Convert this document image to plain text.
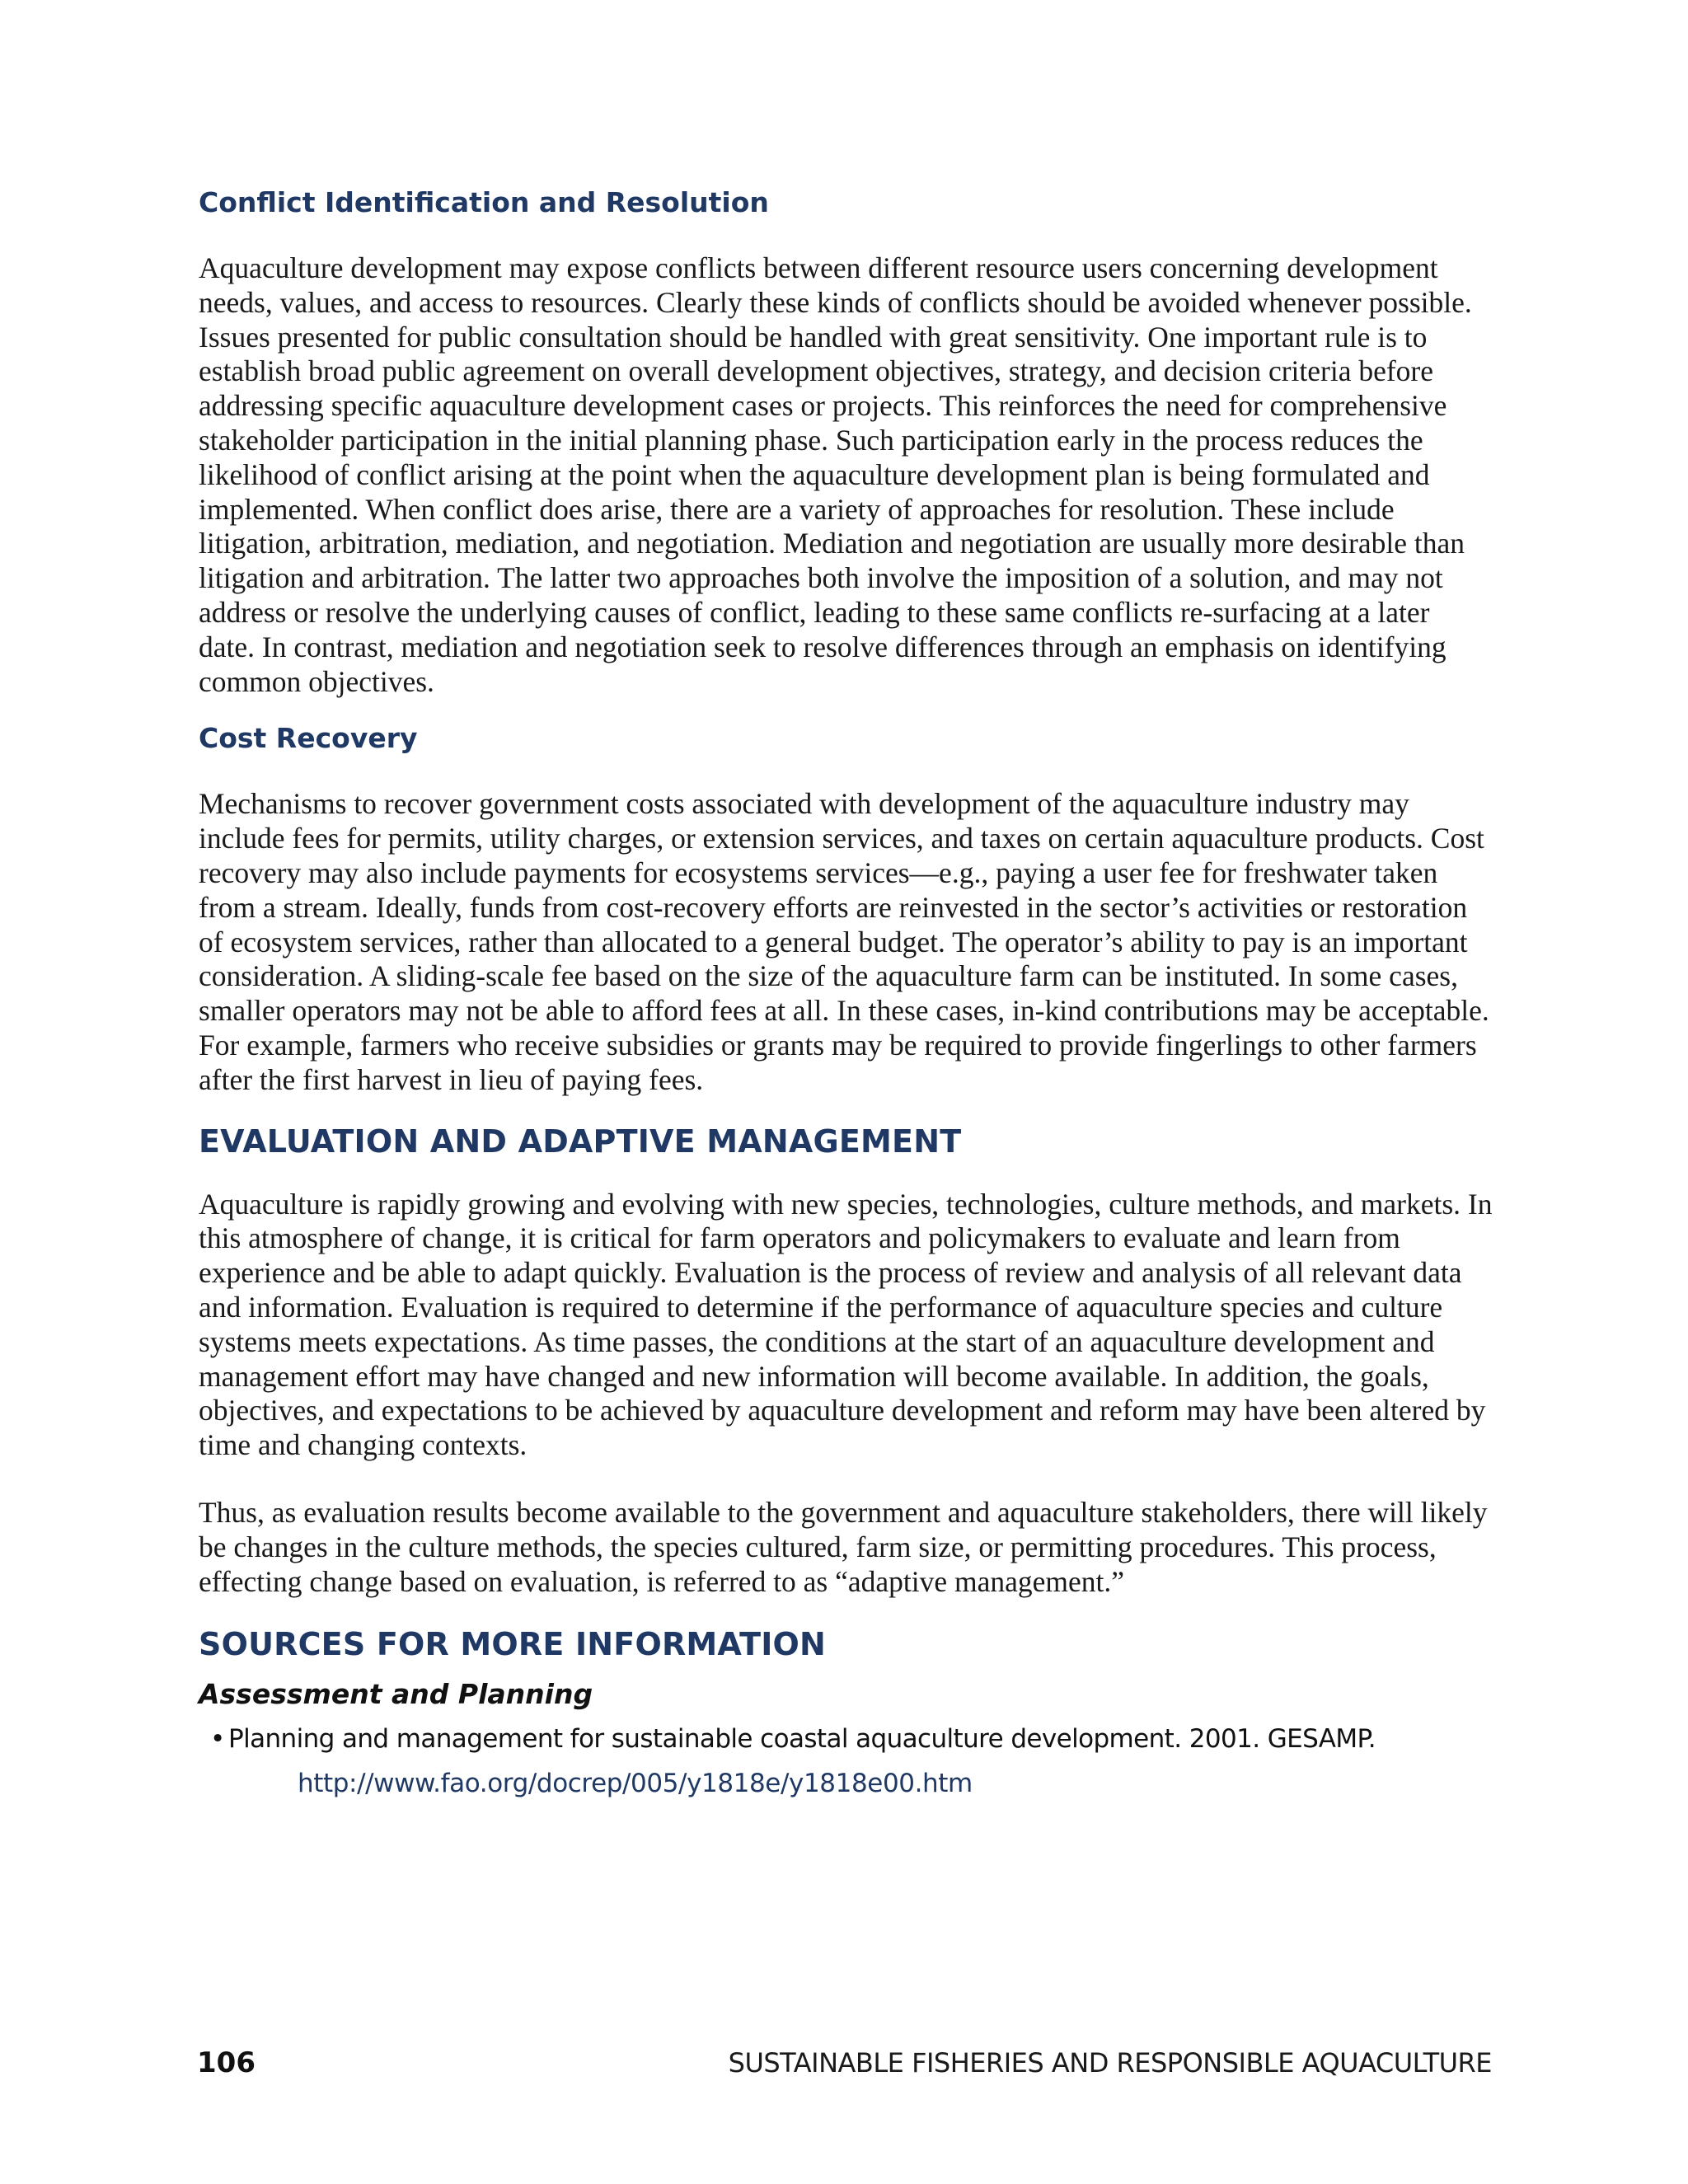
Conflict Identification and Resolution

Aquaculture development may expose conflicts between different resource users concerning development needs, values, and access to resources. Clearly these kinds of conflicts should be avoided whenever possible. Issues presented for public consultation should be handled with great sensitivity. One important rule is to establish broad public agreement on overall development objectives, strategy, and decision criteria before addressing specific aquaculture development cases or projects. This reinforces the need for comprehensive stakeholder participation in the initial planning phase. Such participation early in the process reduces the likelihood of conflict arising at the point when the aquaculture development plan is being formulated and implemented. When conflict does arise, there are a variety of approaches for resolution. These include litigation, arbitration, mediation, and negotiation. Mediation and negotiation are usually more desirable than litigation and arbitration. The latter two approaches both involve the imposition of a solution, and may not address or resolve the underlying causes of conflict, leading to these same conflicts re-surfacing at a later date. In contrast, mediation and negotiation seek to resolve differences through an emphasis on identifying common objectives.

Cost Recovery

Mechanisms to recover government costs associated with development of the aquaculture industry may include fees for permits, utility charges, or extension services, and taxes on certain aquaculture products. Cost recovery may also include payments for ecosystems services—e.g., paying a user fee for freshwater taken from a stream. Ideally, funds from cost-recovery efforts are reinvested in the sector’s activities or restoration of ecosystem services, rather than allocated to a general budget. The operator’s ability to pay is an important consideration. A sliding-scale fee based on the size of the aquaculture farm can be instituted. In some cases, smaller operators may not be able to afford fees at all. In these cases, in-kind contributions may be acceptable. For example, farmers who receive subsidies or grants may be required to provide fingerlings to other farmers after the first harvest in lieu of paying fees.

EVALUATION AND ADAPTIVE MANAGEMENT

Aquaculture is rapidly growing and evolving with new species, technologies, culture methods, and markets. In this atmosphere of change, it is critical for farm operators and policymakers to evaluate and learn from experience and be able to adapt quickly. Evaluation is the process of review and analysis of all relevant data and information. Evaluation is required to determine if the performance of aquaculture species and culture systems meets expectations. As time passes, the conditions at the start of an aquaculture development and management effort may have changed and new information will become available. In addition, the goals, objectives, and expectations to be achieved by aquaculture development and reform may have been altered by time and changing contexts.

Thus, as evaluation results become available to the government and aquaculture stakeholders, there will likely be changes in the culture methods, the species cultured, farm size, or permitting procedures. This process, effecting change based on evaluation, is referred to as “adaptive management.”

SOURCES FOR MORE INFORMATION
Assessment and Planning
• Planning and management for sustainable coastal aquaculture development. 2001. GESAMP.
http://www.fao.org/docrep/005/y1818e/y1818e00.htm
106	SUSTAINABLE FISHERIES AND RESPONSIBLE AQUACULTURE
